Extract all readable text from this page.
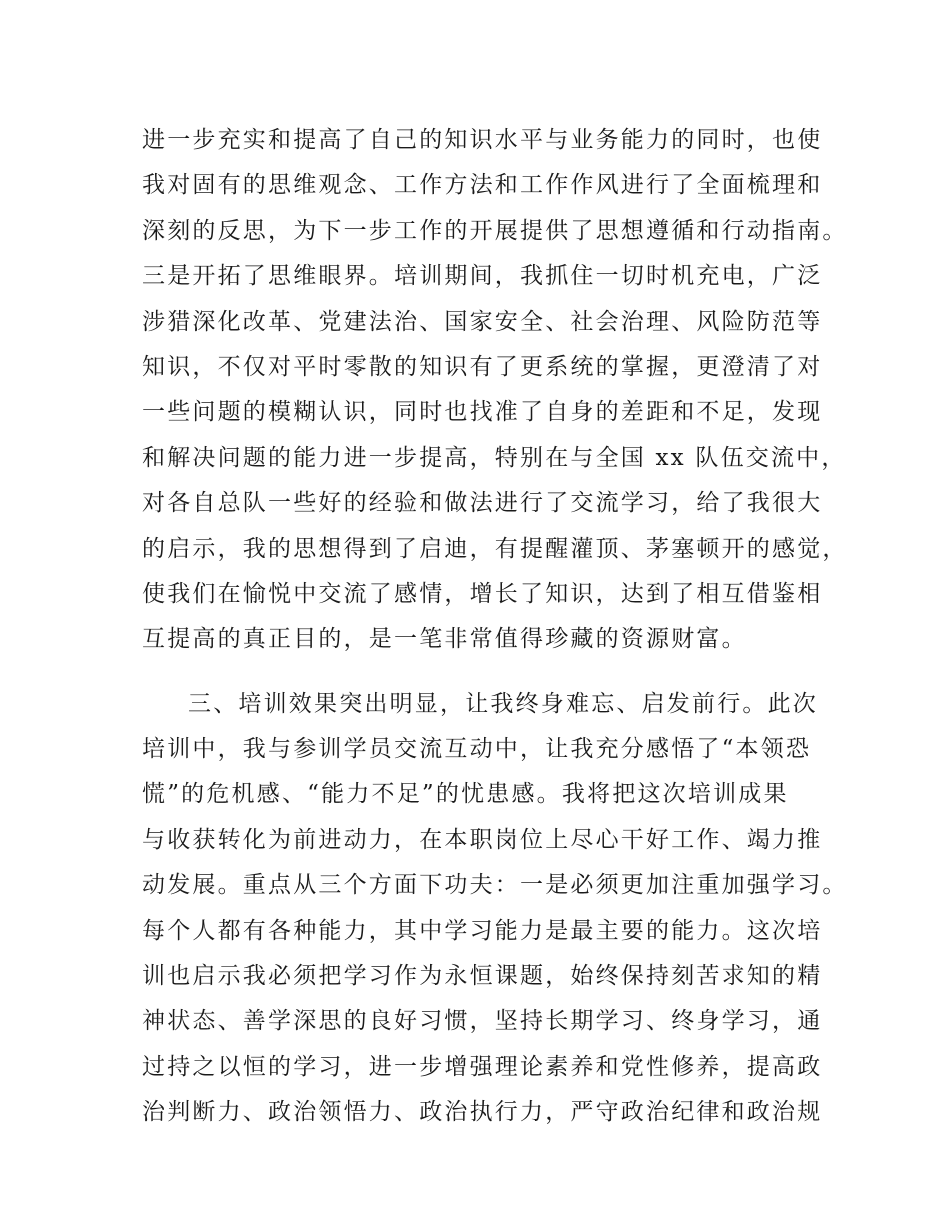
进一步充实和提高了自己的知识水平与业务能力的同时，也使
我对固有的思维观念、工作方法和工作作风进行了全面梳理和
深刻的反思，为下一步工作的开展提供了思想遵循和行动指南。
三是开拓了思维眼界。培训期间，我抓住一切时机充电，广泛
涉猎深化改革、党建法治、国家安全、社会治理、风险防范等
知识，不仅对平时零散的知识有了更系统的掌握，更澄清了对
一些问题的模糊认识，同时也找准了自身的差距和不足，发现
和解决问题的能力进一步提高，特别在与全国 xx 队伍交流中，
对各自总队一些好的经验和做法进行了交流学习，给了我很大
的启示，我的思想得到了启迪，有提醒灌顶、茅塞顿开的感觉，
使我们在愉悦中交流了感情，增长了知识，达到了相互借鉴相
互提高的真正目的，是一笔非常值得珍藏的资源财富。
三、培训效果突出明显，让我终身难忘、启发前行。此次
培训中，我与参训学员交流互动中，让我充分感悟了“本领恐
慌”的危机感、“能力不足”的忧患感。我将把这次培训成果
与收获转化为前进动力，在本职岗位上尽心干好工作、竭力推
动发展。重点从三个方面下功夫：一是必须更加注重加强学习。
每个人都有各种能力，其中学习能力是最主要的能力。这次培
训也启示我必须把学习作为永恒课题，始终保持刻苦求知的精
神状态、善学深思的良好习惯，坚持长期学习、终身学习，通
过持之以恒的学习，进一步增强理论素养和党性修养，提高政
治判断力、政治领悟力、政治执行力，严守政治纪律和政治规
